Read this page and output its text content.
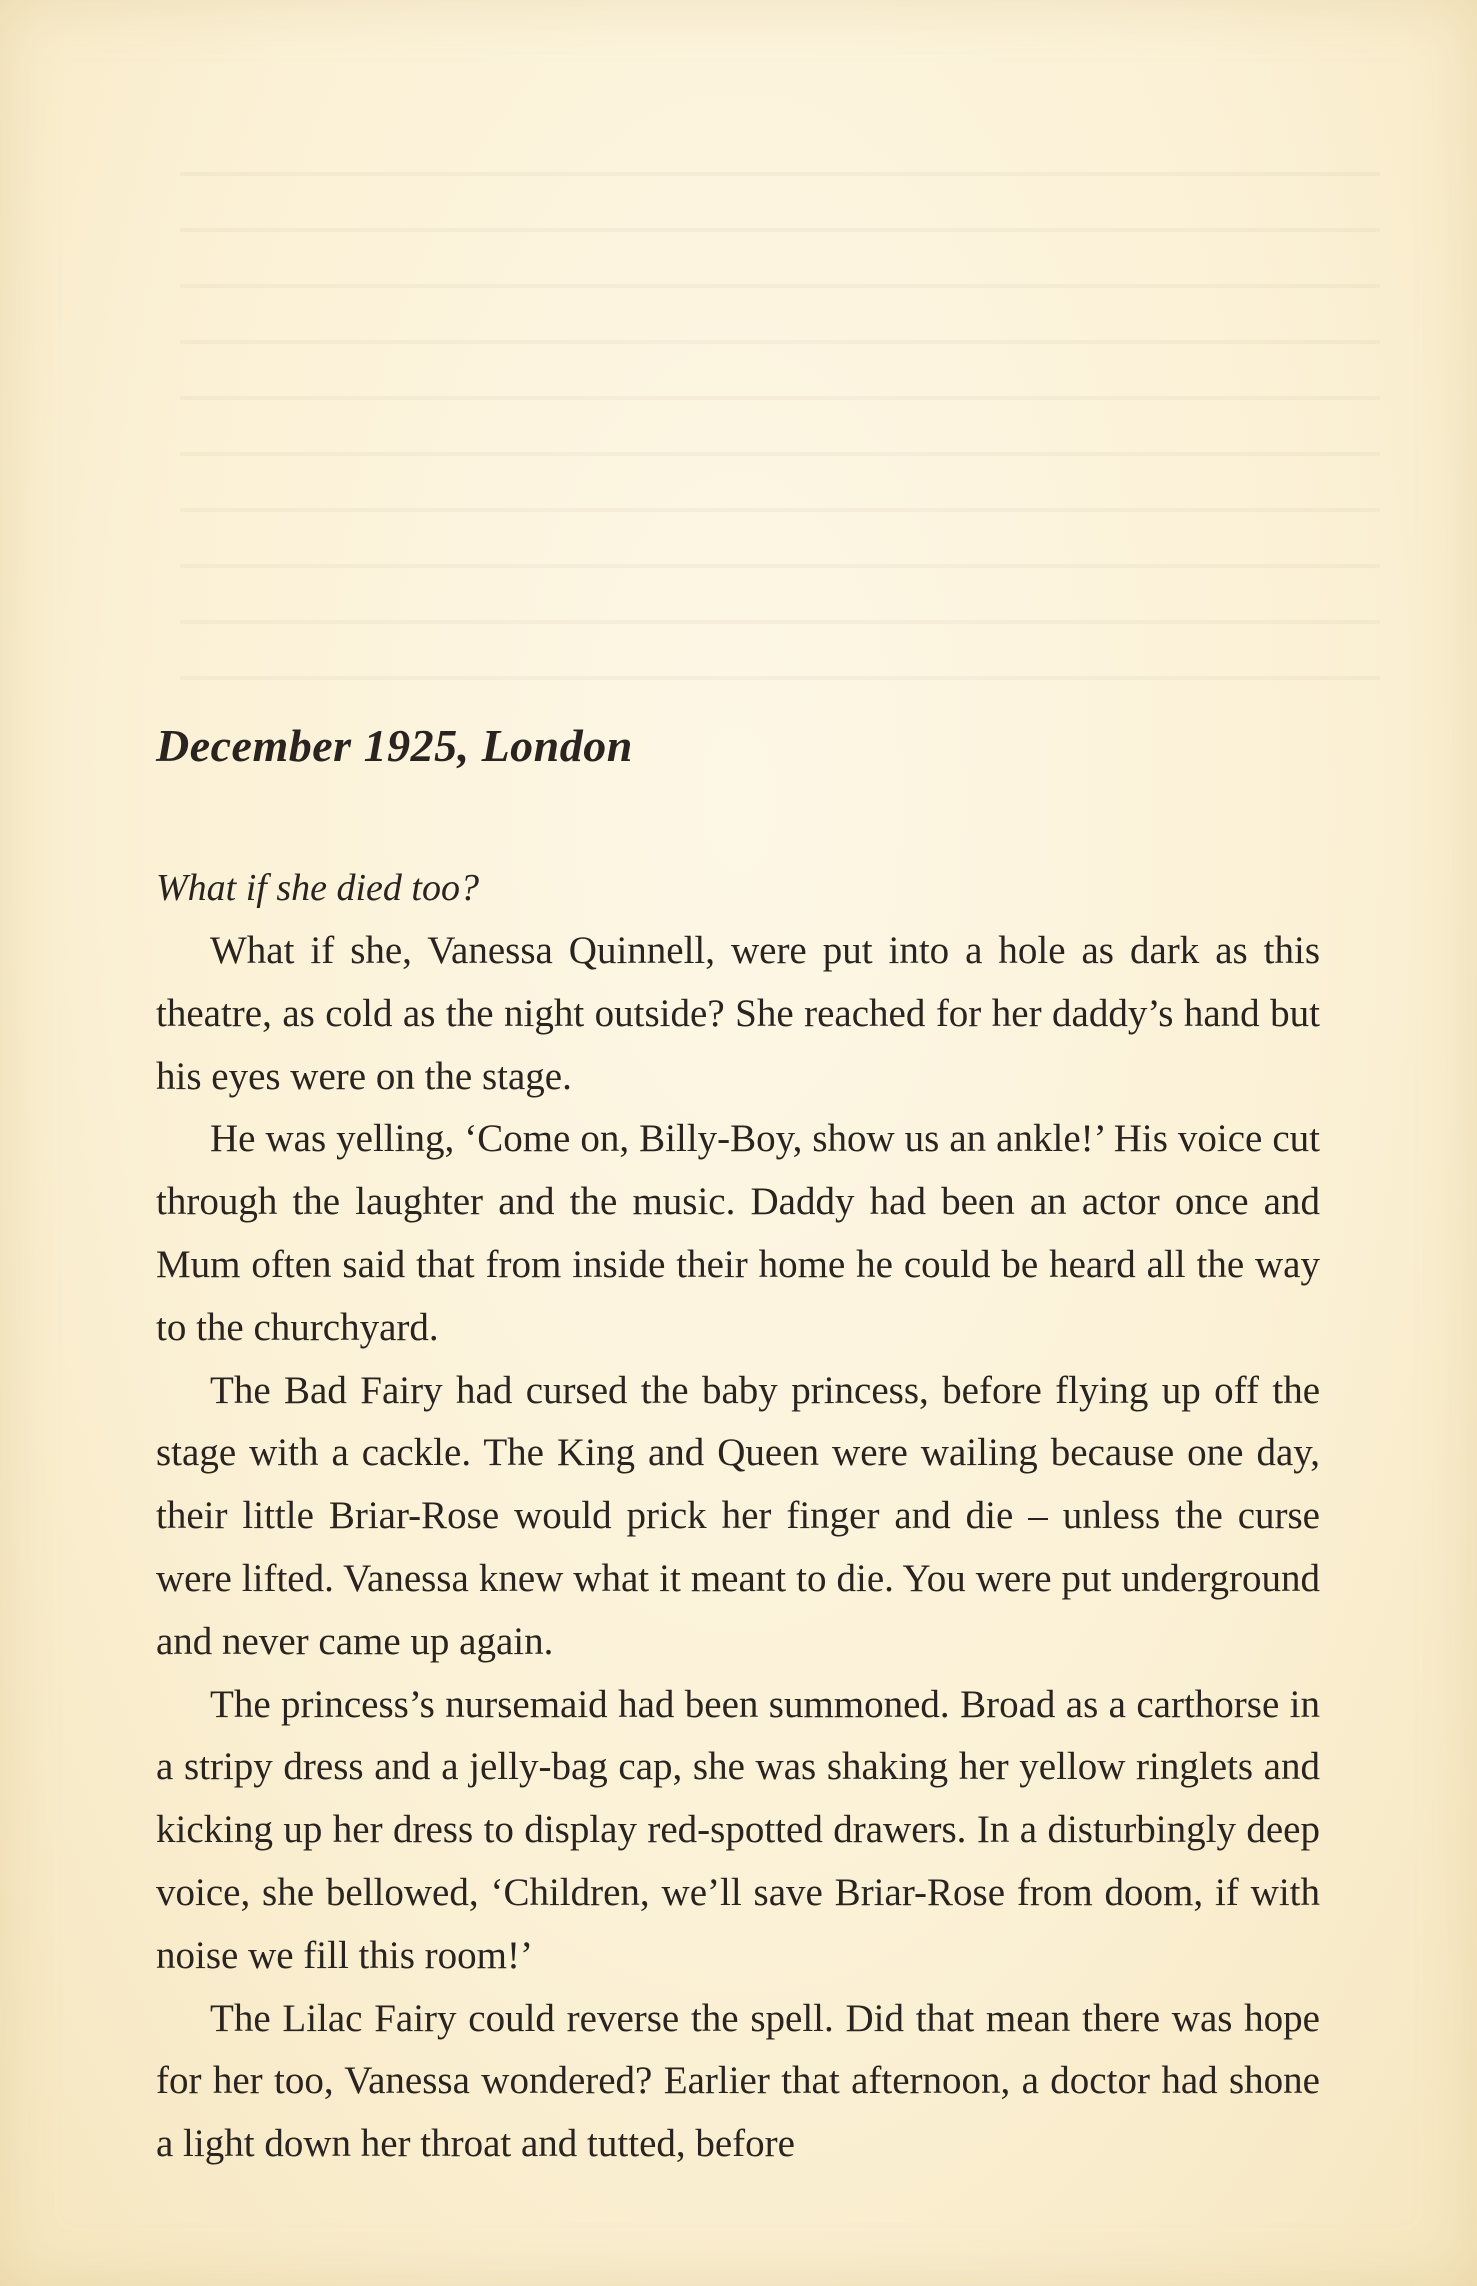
December 1925, London

What if she died too?

What if she, Vanessa Quinnell, were put into a hole as dark as this theatre, as cold as the night outside? She reached for her daddy’s hand but his eyes were on the stage.

He was yelling, ‘Come on, Billy-Boy, show us an ankle!’ His voice cut through the laughter and the music. Daddy had been an actor once and Mum often said that from inside their home he could be heard all the way to the churchyard.

The Bad Fairy had cursed the baby princess, before flying up off the stage with a cackle. The King and Queen were wailing because one day, their little Briar-Rose would prick her finger and die – unless the curse were lifted. Vanessa knew what it meant to die. You were put underground and never came up again.

The princess’s nursemaid had been summoned. Broad as a carthorse in a stripy dress and a jelly-bag cap, she was shaking her yellow ringlets and kicking up her dress to display red-spotted drawers. In a disturbingly deep voice, she bellowed, ‘Children, we’ll save Briar-Rose from doom, if with noise we fill this room!’

The Lilac Fairy could reverse the spell. Did that mean there was hope for her too, Vanessa wondered? Earlier that afternoon, a doctor had shone a light down her throat and tutted, before
